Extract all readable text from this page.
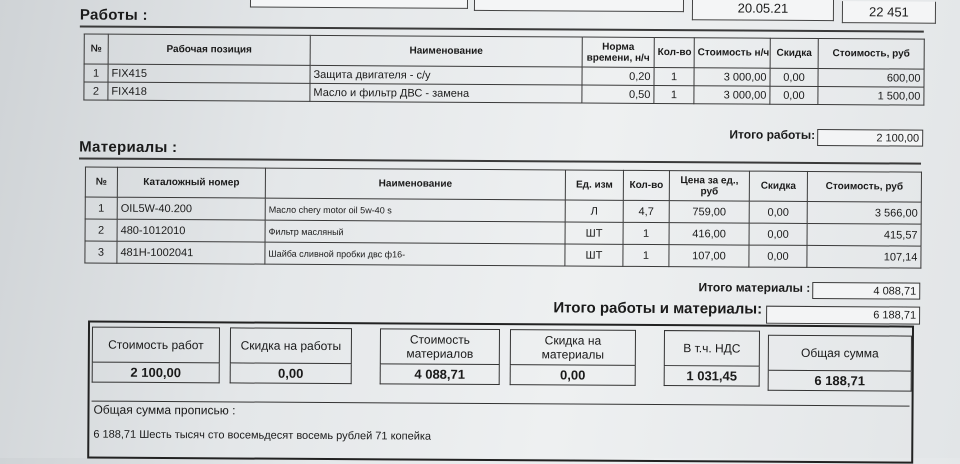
20.05.21	22 451
Работы :
№	Рабочая позиция	Наименование	Норма времени, н/ч	Кол-во	Стоимость н/ч	Скидка	Стоимость, руб
1	FIX415	Защита двигателя - с/у	0,20	1	3 000,00	0,00	600,00
2	FIX418	Масло и фильтр ДВС - замена	0,50	1	3 000,00	0,00	1 500,00
Итого работы:	2 100,00
Материалы :
№	Каталожный номер	Наименование	Ед. изм	Кол-во	Цена за ед., руб	Скидка	Стоимость, руб
1	OIL5W-40.200	Масло chery motor oil 5w-40 s	Л	4,7	759,00	0,00	3 566,00
2	480-1012010	Фильтр масляный	ШТ	1	416,00	0,00	415,57
3	481H-1002041	Шайба сливной пробки двс ф16-	ШТ	1	107,00	0,00	107,14
Итого материалы :	4 088,71
Итого работы и материалы:	6 188,71
Стоимость работ
2 100,00
Скидка на работы
0,00
Стоимость материалов
4 088,71
Скидка на материалы
0,00
В т.ч. НДС
1 031,45
Общая сумма
6 188,71
Общая сумма прописью :
6 188,71 Шесть тысяч сто восемьдесят восемь рублей 71 копейка
